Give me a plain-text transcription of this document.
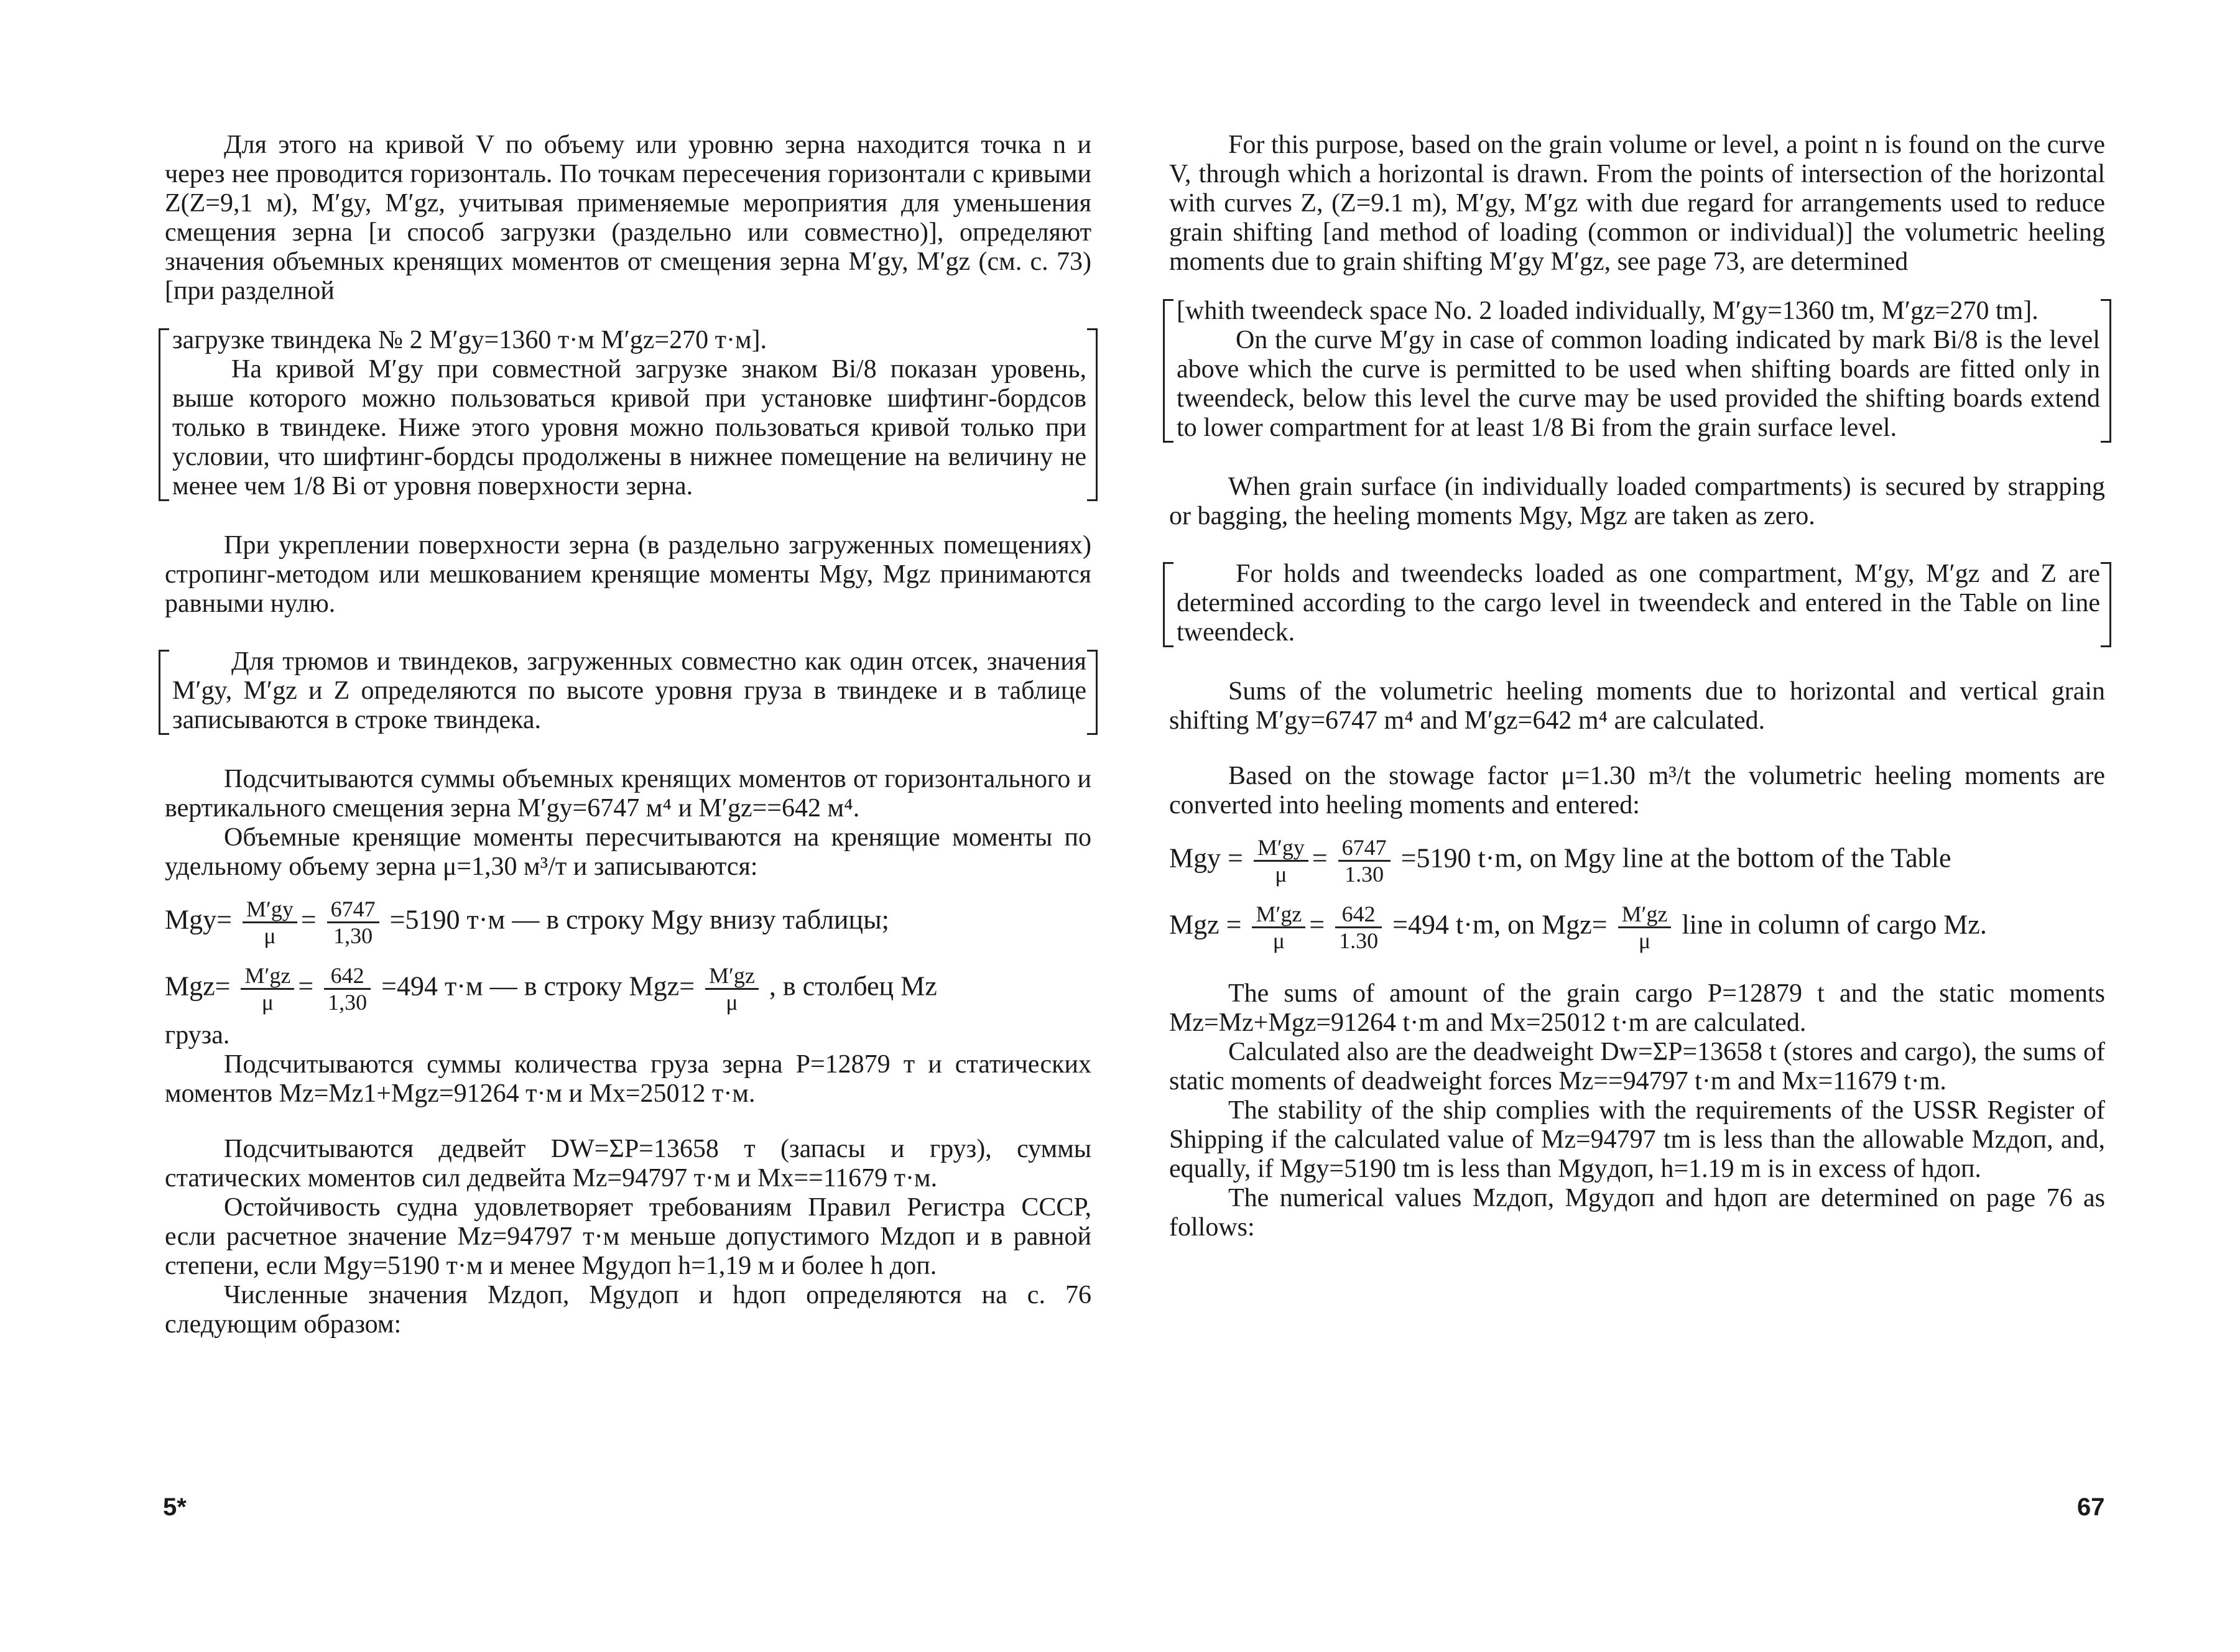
Для этого на кривой V по объему или уровню зерна находится точка n и через нее проводится горизонталь. По точкам пересечения горизонтали с кривыми Z(Z=9,1 м), M′gy, M′gz, учитывая применяемые мероприятия для уменьшения смещения зерна [и способ загрузки (раздельно или совместно)], определяют значения объемных кренящих моментов от смещения зерна M′gy, M′gz (см. с. 73) [при разделной

загрузке твиндека № 2 M′gy=1360 т·м M′gz=270 т·м].

На кривой M′gy при совместной загрузке знаком Bi/8 показан уровень, выше которого можно пользоваться кривой при установке шифтинг-бордсов только в твиндеке. Ниже этого уровня можно пользоваться кривой только при условии, что шифтинг-бордсы продолжены в нижнее помещение на величину не менее чем 1/8 Bi от уровня поверхности зерна.

При укреплении поверхности зерна (в раздельно загруженных помещениях) стропинг-методом или мешкованием кренящие моменты Mgy, Mgz принимаются равными нулю.

Для трюмов и твиндеков, загруженных совместно как один отсек, значения M′gy, M′gz и Z определяются по высоте уровня груза в твиндеке и в таблице записываются в строке твиндека.

Подсчитываются суммы объемных кренящих моментов от горизонтального и вертикального смещения зерна M′gy=6747 м⁴ и M′gz==642 м⁴.

Объемные кренящие моменты пересчитываются на кренящие моменты по удельному объему зерна μ=1,30 м³/т и записываются:

$Mgy= \frac{M'gy}{\mu} = \frac{6747}{1,30} =5190$ т·м — в строку Mgy внизу таблицы;
$Mgz= \frac{M'gz}{\mu} = \frac{642}{1,30} =494$ т·м — в строку $Mgz= \frac{M'gz}{\mu}$ , в столбец Mz

груза.

Подсчитываются суммы количества груза зерна P=12879 т и статических моментов Mz=Mz1+Mgz=91264 т·м и Mx=25012 т·м.

Подсчитываются дедвейт DW=ΣP=13658 т (запасы и груз), суммы статических моментов сил дедвейта Mz=94797 т·м и Mx==11679 т·м.

Остойчивость судна удовлетворяет требованиям Правил Регистра СССР, если расчетное значение Mz=94797 т·м меньше допустимого Mzдоп и в равной степени, если Mgy=5190 т·м и менее Mgyдоп h=1,19 м и более h доп.

Численные значения Mzдоп, Mgyдоп и hдоп определяются на с. 76 следующим образом:

5*

For this purpose, based on the grain volume or level, a point n is found on the curve V, through which a horizontal is drawn. From the points of intersection of the horizontal with curves Z, (Z=9.1 m), M′gy, M′gz with due regard for arrangements used to reduce grain shifting [and method of loading (common or individual)] the volumetric heeling moments due to grain shifting M′gy M′gz, see page 73, are determined

[whith tweendeck space No. 2 loaded individually, M′gy=1360 tm, M′gz=270 tm].

On the curve M′gy in case of common loading indicated by mark Bi/8 is the level above which the curve is permitted to be used when shifting boards are fitted only in tweendeck, below this level the curve may be used provided the shifting boards extend to lower compartment for at least 1/8 Bi from the grain surface level.

When grain surface (in individually loaded compartments) is secured by strapping or bagging, the heeling moments Mgy, Mgz are taken as zero.

For holds and tweendecks loaded as one compartment, M′gy, M′gz and Z are determined according to the cargo level in tweendeck and entered in the Table on line tweendeck.

Sums of the volumetric heeling moments due to horizontal and vertical grain shifting M′gy=6747 m⁴ and M′gz=642 m⁴ are calculated.

Based on the stowage factor μ=1.30 m³/t the volumetric heeling moments are converted into heeling moments and entered:

Mgy = $\frac{M'gy}{\mu} = \frac{6747}{1.30} =5190$ t·m, on Mgy line at the bottom of the Table
Mgz = $\frac{M'gz}{\mu} = \frac{642}{1.30} =494$ t·m, on $Mgz= \frac{M'gz}{\mu}$ line in column of cargo Mz.

The sums of amount of the grain cargo P=12879 t and the static moments Mz=Mz+Mgz=91264 t·m and Mx=25012 t·m are calculated.

Calculated also are the deadweight Dw=ΣP=13658 t (stores and cargo), the sums of static moments of deadweight forces Mz==94797 t·m and Mx=11679 t·m.

The stability of the ship complies with the requirements of the USSR Register of Shipping if the calculated value of Mz=94797 tm is less than the allowable Mzдоп, and, equally, if Mgy=5190 tm is less than Mgyдоп, h=1.19 m is in excess of hдоп.

The numerical values Mzдоп, Mgyдоп and hдоп are determined on page 76 as follows:

67
